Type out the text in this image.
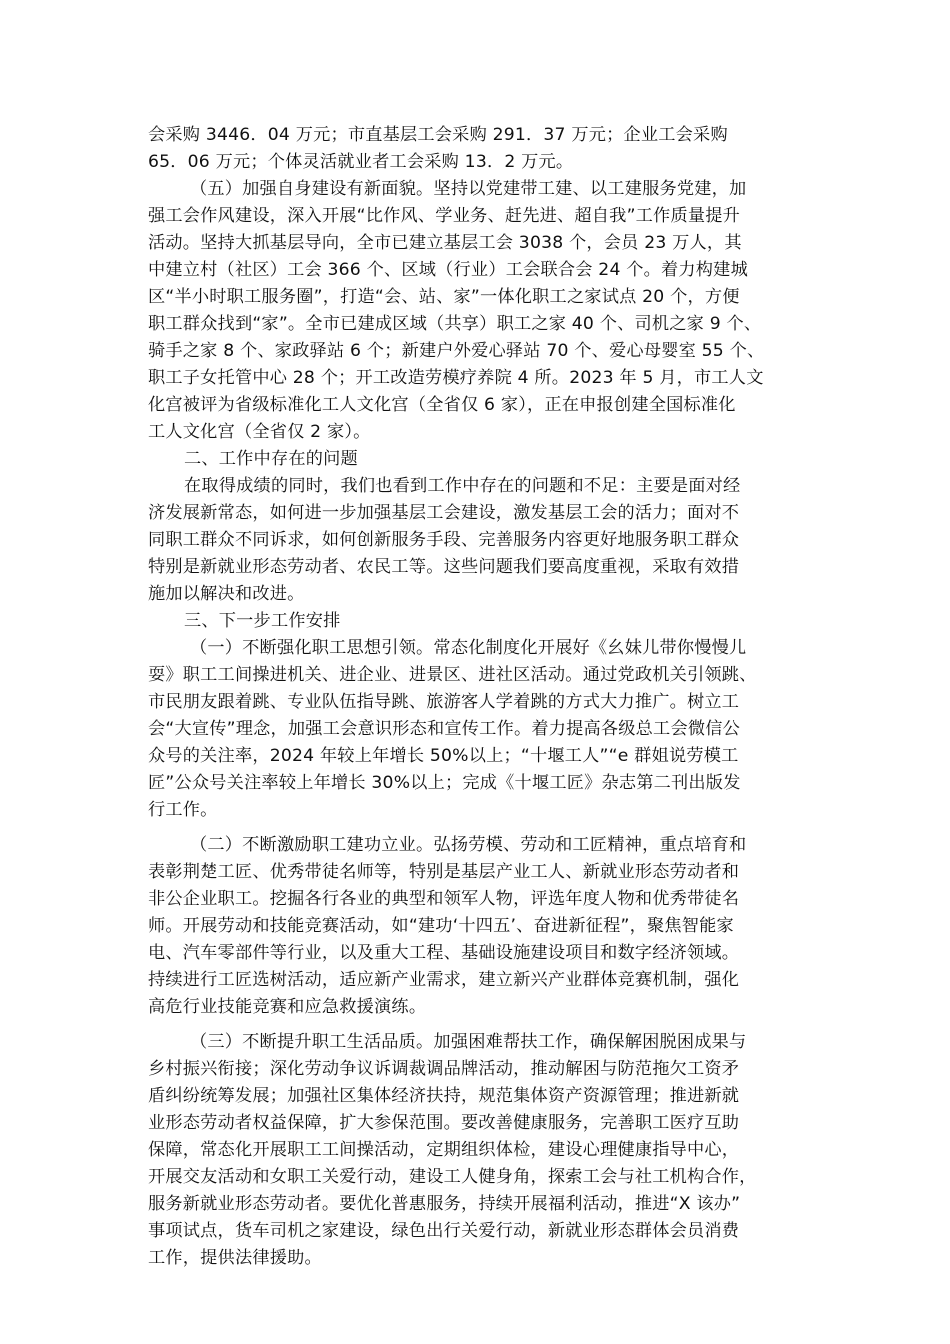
会采购 3446．04 万元；市直基层工会采购 291．37 万元；企业工会采购
65．06 万元；个体灵活就业者工会采购 13．2 万元。
（五）加强自身建设有新面貌。坚持以党建带工建、以工建服务党建，加
强工会作风建设，深入开展“比作风、学业务、赶先进、超自我”工作质量提升
活动。坚持大抓基层导向，全市已建立基层工会 3038 个，会员 23 万人，其
中建立村（社区）工会 366 个、区域（行业）工会联合会 24 个。着力构建城
区“半小时职工服务圈”，打造“会、站、家”一体化职工之家试点 20 个，方便
职工群众找到“家”。全市已建成区域（共享）职工之家 40 个、司机之家 9 个、
骑手之家 8 个、家政驿站 6 个；新建户外爱心驿站 70 个、爱心母婴室 55 个、
职工子女托管中心 28 个；开工改造劳模疗养院 4 所。2023 年 5 月，市工人文
化宫被评为省级标准化工人文化宫（全省仅 6 家），正在申报创建全国标准化
工人文化宫（全省仅 2 家）。
二、工作中存在的问题
在取得成绩的同时，我们也看到工作中存在的问题和不足：主要是面对经
济发展新常态，如何进一步加强基层工会建设，激发基层工会的活力；面对不
同职工群众不同诉求，如何创新服务手段、完善服务内容更好地服务职工群众
特别是新就业形态劳动者、农民工等。这些问题我们要高度重视，采取有效措
施加以解决和改进。
三、下一步工作安排
（一）不断强化职工思想引领。常态化制度化开展好《幺妹儿带你慢慢儿
耍》职工工间操进机关、进企业、进景区、进社区活动。通过党政机关引领跳、
市民朋友跟着跳、专业队伍指导跳、旅游客人学着跳的方式大力推广。树立工
会“大宣传”理念，加强工会意识形态和宣传工作。着力提高各级总工会微信公
众号的关注率，2024 年较上年增长 50%以上；“十堰工人”“e 群姐说劳模工
匠”公众号关注率较上年增长 30%以上；完成《十堰工匠》杂志第二刊出版发
行工作。
（二）不断激励职工建功立业。弘扬劳模、劳动和工匠精神，重点培育和
表彰荆楚工匠、优秀带徒名师等，特别是基层产业工人、新就业形态劳动者和
非公企业职工。挖掘各行各业的典型和领军人物，评选年度人物和优秀带徒名
师。开展劳动和技能竞赛活动，如“建功‘十四五’、奋进新征程”，聚焦智能家
电、汽车零部件等行业，以及重大工程、基础设施建设项目和数字经济领域。
持续进行工匠选树活动，适应新产业需求，建立新兴产业群体竞赛机制，强化
高危行业技能竞赛和应急救援演练。
（三）不断提升职工生活品质。加强困难帮扶工作，确保解困脱困成果与
乡村振兴衔接；深化劳动争议诉调裁调品牌活动，推动解困与防范拖欠工资矛
盾纠纷统筹发展；加强社区集体经济扶持，规范集体资产资源管理；推进新就
业形态劳动者权益保障，扩大参保范围。要改善健康服务，完善职工医疗互助
保障，常态化开展职工工间操活动，定期组织体检，建设心理健康指导中心，
开展交友活动和女职工关爱行动，建设工人健身角，探索工会与社工机构合作，
服务新就业形态劳动者。要优化普惠服务，持续开展福利活动，推进“X 该办”
事项试点，货车司机之家建设，绿色出行关爱行动，新就业形态群体会员消费
工作，提供法律援助。
